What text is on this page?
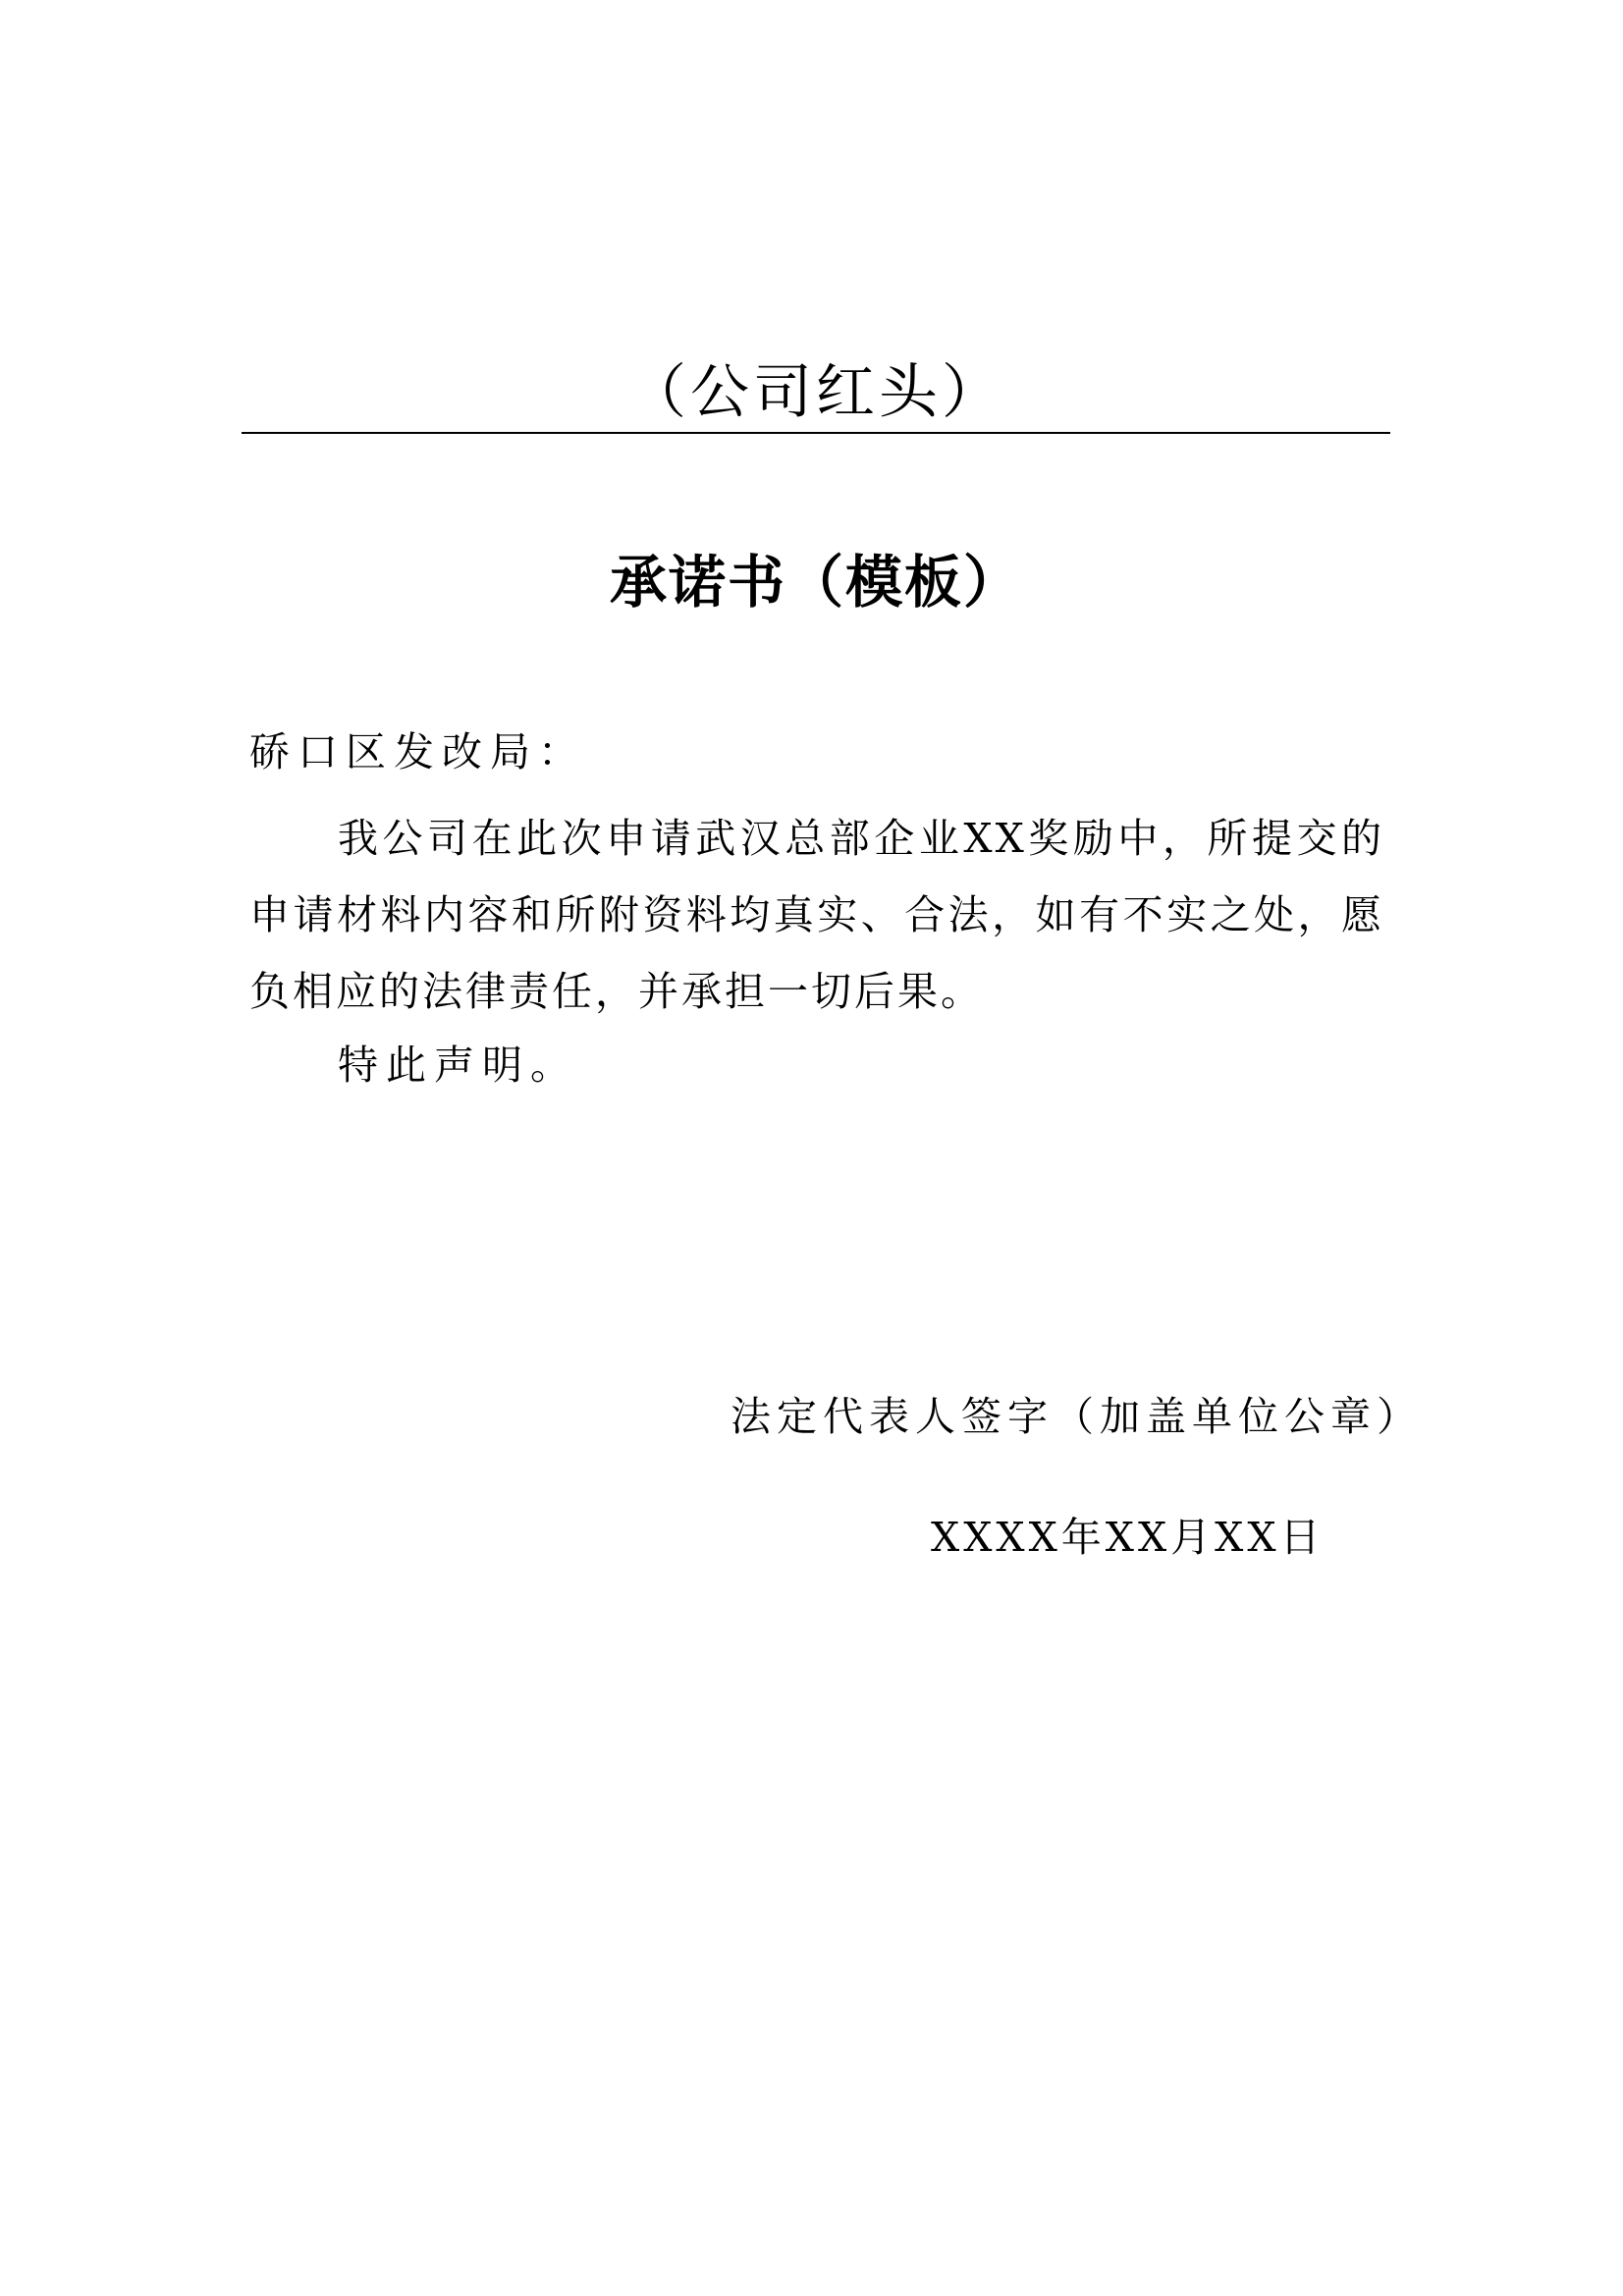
（公司红头）
承诺书（模板）
硚口区发改局：
我公司在此次申请武汉总部企业XX奖励中，所提交的申请材料内容和所附资料均真实、合法，如有不实之处，愿负相应的法律责任，并承担一切后果。
特此声明。
法定代表人签字（加盖单位公章）
XXXX年XX月XX日
